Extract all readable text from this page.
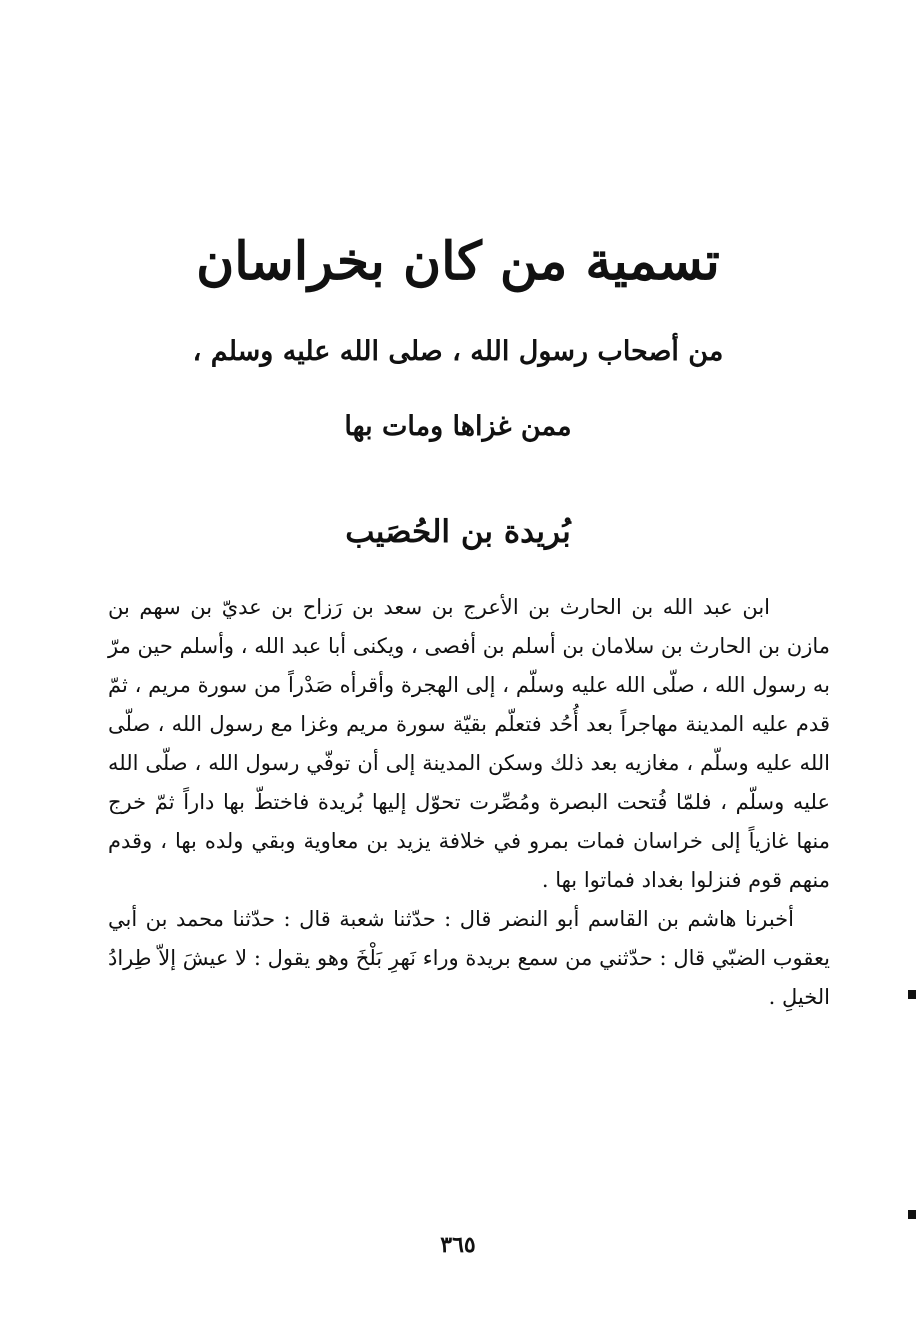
تسمية من كان بخراسان
من أصحاب رسول الله ، صلى الله عليه وسلم ،
ممن غزاها ومات بها
بُريدة بن الحُصَيب

ابن عبد الله بن الحارث بن الأعرج بن سعد بن رَزاح بن عديّ بن سهم بن مازن بن الحارث بن سلامان بن أسلم بن أفصى ، ويكنى أبا عبد الله ، وأسلم حين مرّ به رسول الله ، صلّى الله عليه وسلّم ، إلى الهجرة وأقرأه صَدْراً من سورة مريم ، ثمّ قدم عليه المدينة مهاجراً بعد أُحُد فتعلّم بقيّة سورة مريم وغزا مع رسول الله ، صلّى الله عليه وسلّم ، مغازيه بعد ذلك وسكن المدينة إلى أن توفّي رسول الله ، صلّى الله عليه وسلّم ، فلمّا فُتحت البصرة ومُصِّرت تحوّل إليها بُريدة فاختطّ بها داراً ثمّ خرج منها غازياً إلى خراسان فمات بمرو في خلافة يزيد بن معاوية وبقي ولده بها ، وقدم منهم قوم فنزلوا بغداد فماتوا بها .

أخبرنا هاشم بن القاسم أبو النضر قال : حدّثنا شعبة قال : حدّثنا محمد بن أبي يعقوب الضبّي قال : حدّثني من سمع بريدة وراء نَهرِ بَلْخَ وهو يقول : لا عيشَ إلاّ طِرادُ الخيلِ .

٣٦٥
